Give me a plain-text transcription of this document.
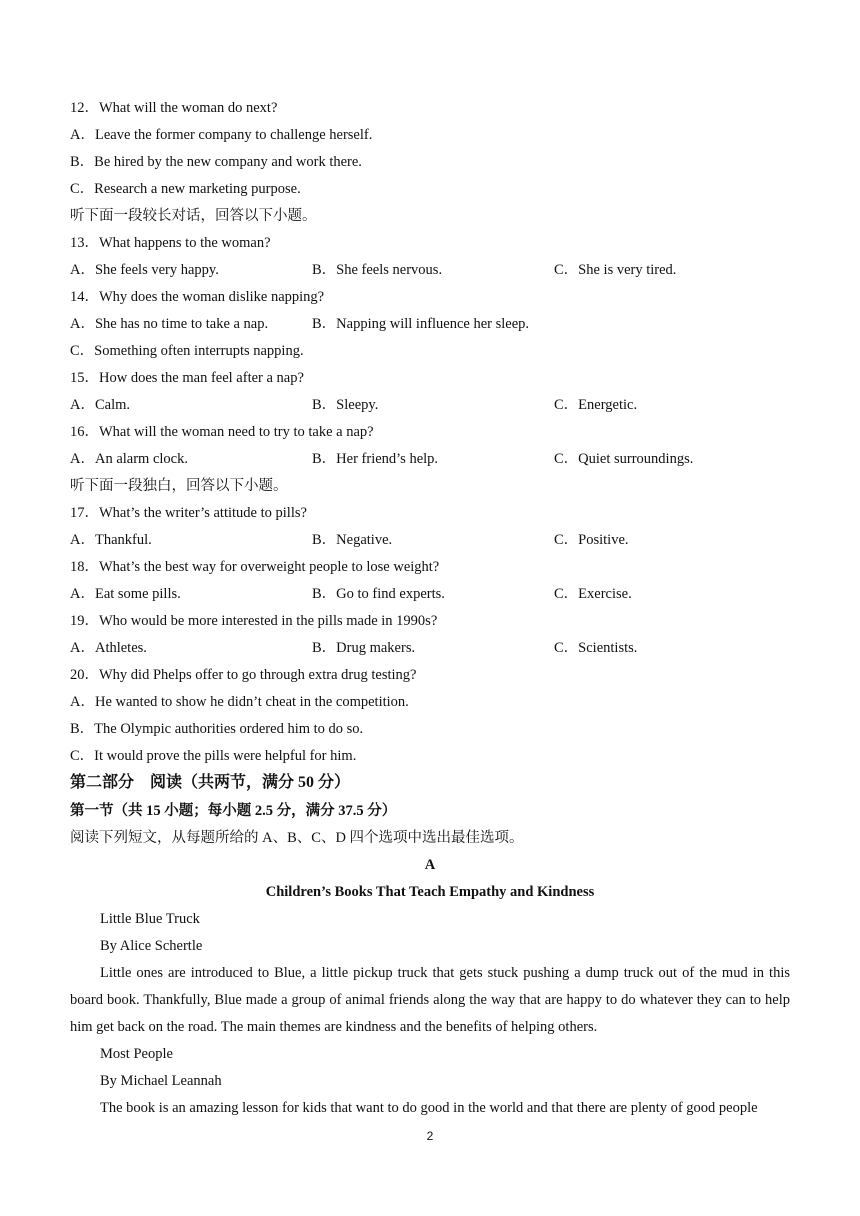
12．What will the woman do next?
A．Leave the former company to challenge herself.
B．Be hired by the new company and work there.
C．Research a new marketing purpose.
听下面一段较长对话，回答以下小题。
13．What happens to the woman?
A．She feels very happy.	B．She feels nervous.	C．She is very tired.
14．Why does the woman dislike napping?
A．She has no time to take a nap.	B．Napping will influence her sleep.
C．Something often interrupts napping.
15．How does the man feel after a nap?
A．Calm.	B．Sleepy.	C．Energetic.
16．What will the woman need to try to take a nap?
A．An alarm clock.	B．Her friend’s help.	C．Quiet surroundings.
听下面一段独白，回答以下小题。
17．What’s the writer’s attitude to pills?
A．Thankful.	B．Negative.	C．Positive.
18．What’s the best way for overweight people to lose weight?
A．Eat some pills.	B．Go to find experts.	C．Exercise.
19．Who would be more interested in the pills made in 1990s?
A．Athletes.	B．Drug makers.	C．Scientists.
20．Why did Phelps offer to go through extra drug testing?
A．He wanted to show he didn’t cheat in the competition.
B．The Olympic authorities ordered him to do so.
C．It would prove the pills were helpful for him.
第二部分　阅读（共两节，满分 50 分）
第一节（共 15 小题；每小题 2.5 分，满分 37.5 分）
阅读下列短文，从每题所给的 A、B、C、D 四个选项中选出最佳选项。
A
Children’s Books That Teach Empathy and Kindness
Little Blue Truck
By Alice Schertle
Little ones are introduced to Blue, a little pickup truck that gets stuck pushing a dump truck out of the mud in this board book. Thankfully, Blue made a group of animal friends along the way that are happy to do whatever they can to help him get back on the road. The main themes are kindness and the benefits of helping others.
Most People
By Michael Leannah
The book is an amazing lesson for kids that want to do good in the world and that there are plenty of good people
2
